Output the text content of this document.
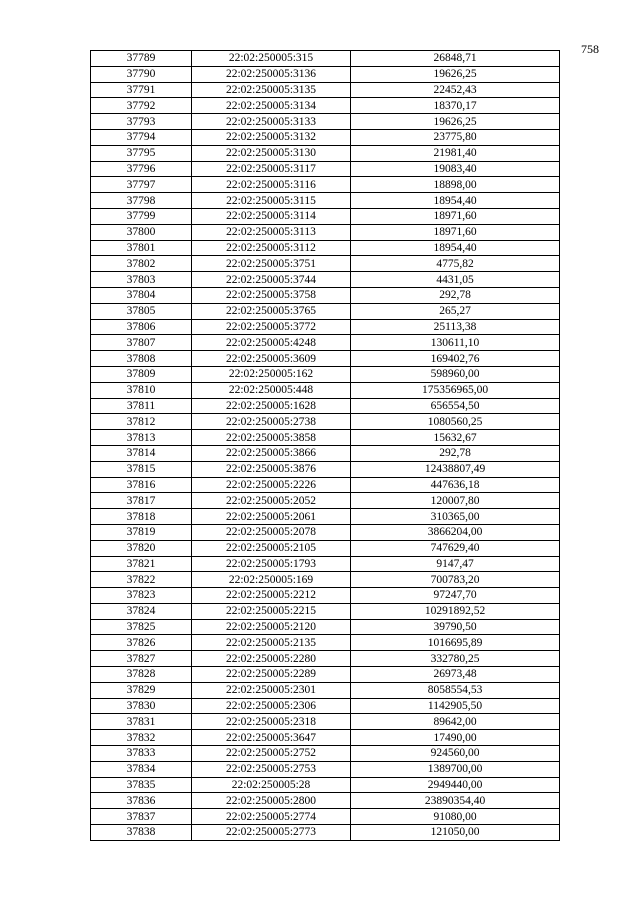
758
37789	22:02:250005:315	26848,71
37790	22:02:250005:3136	19626,25
37791	22:02:250005:3135	22452,43
37792	22:02:250005:3134	18370,17
37793	22:02:250005:3133	19626,25
37794	22:02:250005:3132	23775,80
37795	22:02:250005:3130	21981,40
37796	22:02:250005:3117	19083,40
37797	22:02:250005:3116	18898,00
37798	22:02:250005:3115	18954,40
37799	22:02:250005:3114	18971,60
37800	22:02:250005:3113	18971,60
37801	22:02:250005:3112	18954,40
37802	22:02:250005:3751	4775,82
37803	22:02:250005:3744	4431,05
37804	22:02:250005:3758	292,78
37805	22:02:250005:3765	265,27
37806	22:02:250005:3772	25113,38
37807	22:02:250005:4248	130611,10
37808	22:02:250005:3609	169402,76
37809	22:02:250005:162	598960,00
37810	22:02:250005:448	175356965,00
37811	22:02:250005:1628	656554,50
37812	22:02:250005:2738	1080560,25
37813	22:02:250005:3858	15632,67
37814	22:02:250005:3866	292,78
37815	22:02:250005:3876	12438807,49
37816	22:02:250005:2226	447636,18
37817	22:02:250005:2052	120007,80
37818	22:02:250005:2061	310365,00
37819	22:02:250005:2078	3866204,00
37820	22:02:250005:2105	747629,40
37821	22:02:250005:1793	9147,47
37822	22:02:250005:169	700783,20
37823	22:02:250005:2212	97247,70
37824	22:02:250005:2215	10291892,52
37825	22:02:250005:2120	39790,50
37826	22:02:250005:2135	1016695,89
37827	22:02:250005:2280	332780,25
37828	22:02:250005:2289	26973,48
37829	22:02:250005:2301	8058554,53
37830	22:02:250005:2306	1142905,50
37831	22:02:250005:2318	89642,00
37832	22:02:250005:3647	17490,00
37833	22:02:250005:2752	924560,00
37834	22:02:250005:2753	1389700,00
37835	22:02:250005:28	2949440,00
37836	22:02:250005:2800	23890354,40
37837	22:02:250005:2774	91080,00
37838	22:02:250005:2773	121050,00
